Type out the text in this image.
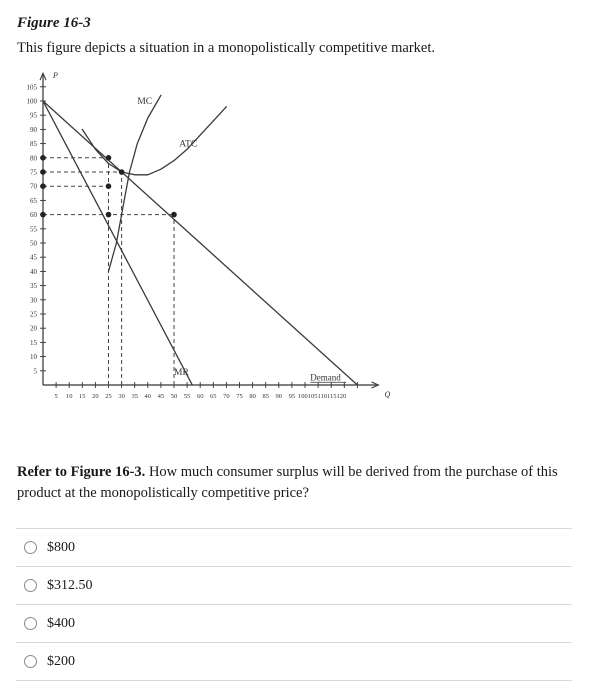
Figure 16-3
This figure depicts a situation in a monopolistically competitive market.
P
Q
5
10
15
20
25
30
35
40
45
50
55
60
65
70
75
80
85
90
95
100
105
5 10 15 20 25 30 35 40 45 50 55 60 65 70 75 80 85 90 95 100105110115120
MC
ATC
MR	Demand
Refer to Figure 16-3. How much consumer surplus will be derived from the purchase of this product at the monopolistically competitive price?
$800
$312.50
$400
$200
